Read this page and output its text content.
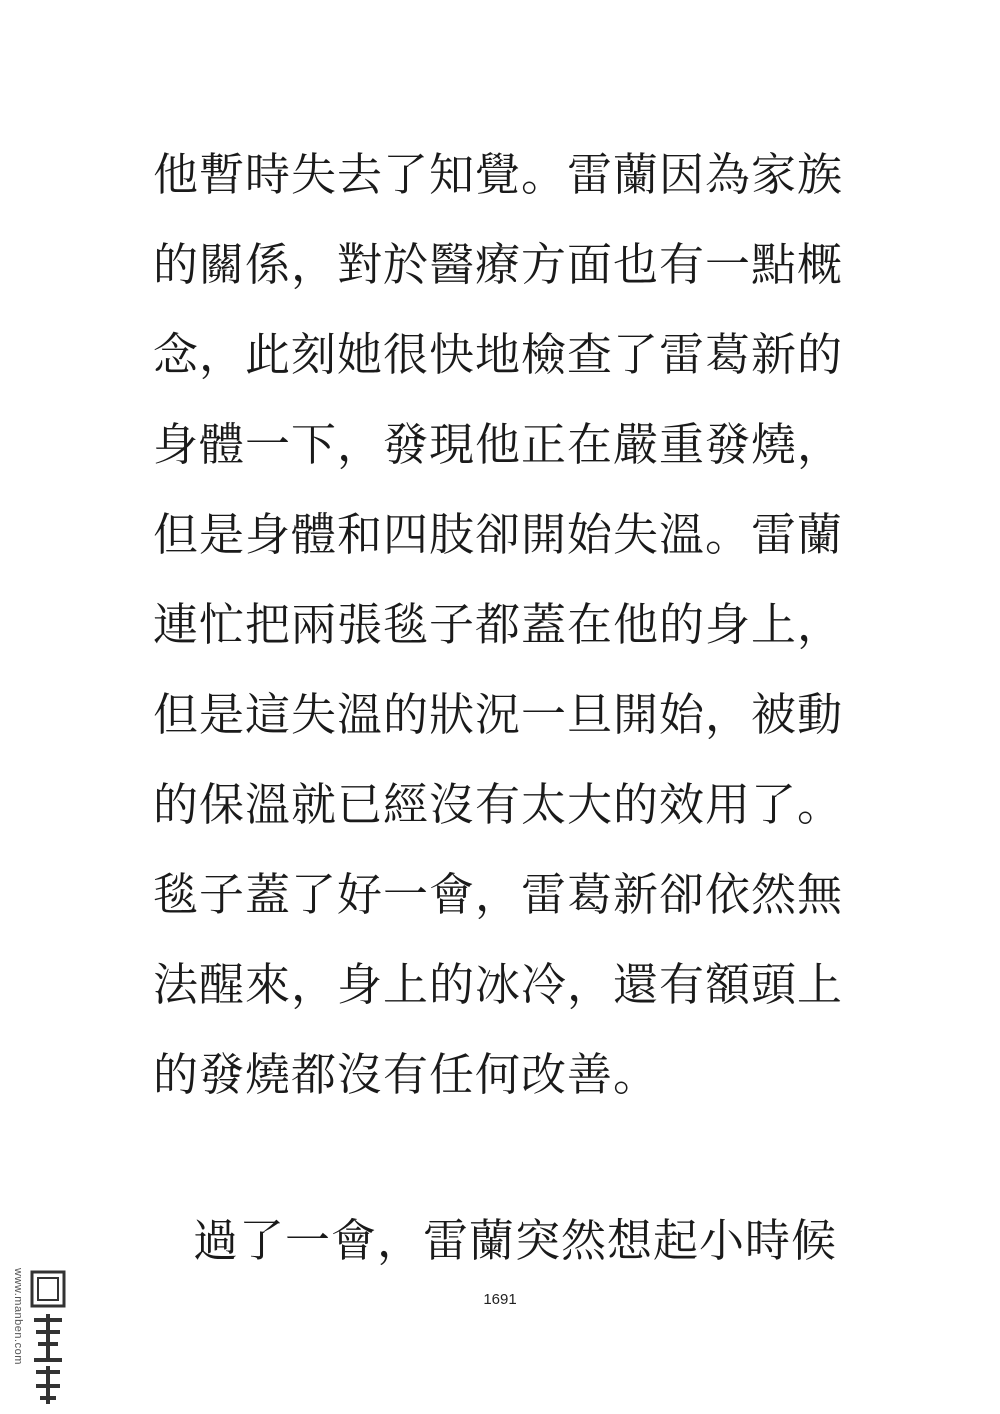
他暫時失去了知覺。雷蘭因為家族
的關係，對於醫療方面也有一點概
念，此刻她很快地檢查了雷葛新的
身體一下，發現他正在嚴重發燒，
但是身體和四肢卻開始失溫。雷蘭
連忙把兩張毯子都蓋在他的身上，
但是這失溫的狀況一旦開始，被動
的保溫就已經沒有太大的效用了。
毯子蓋了好一會，雷葛新卻依然無
法醒來，身上的冰冷，還有額頭上
的發燒都沒有任何改善。
過了一會，雷蘭突然想起小時候
1691
www.manben.com
